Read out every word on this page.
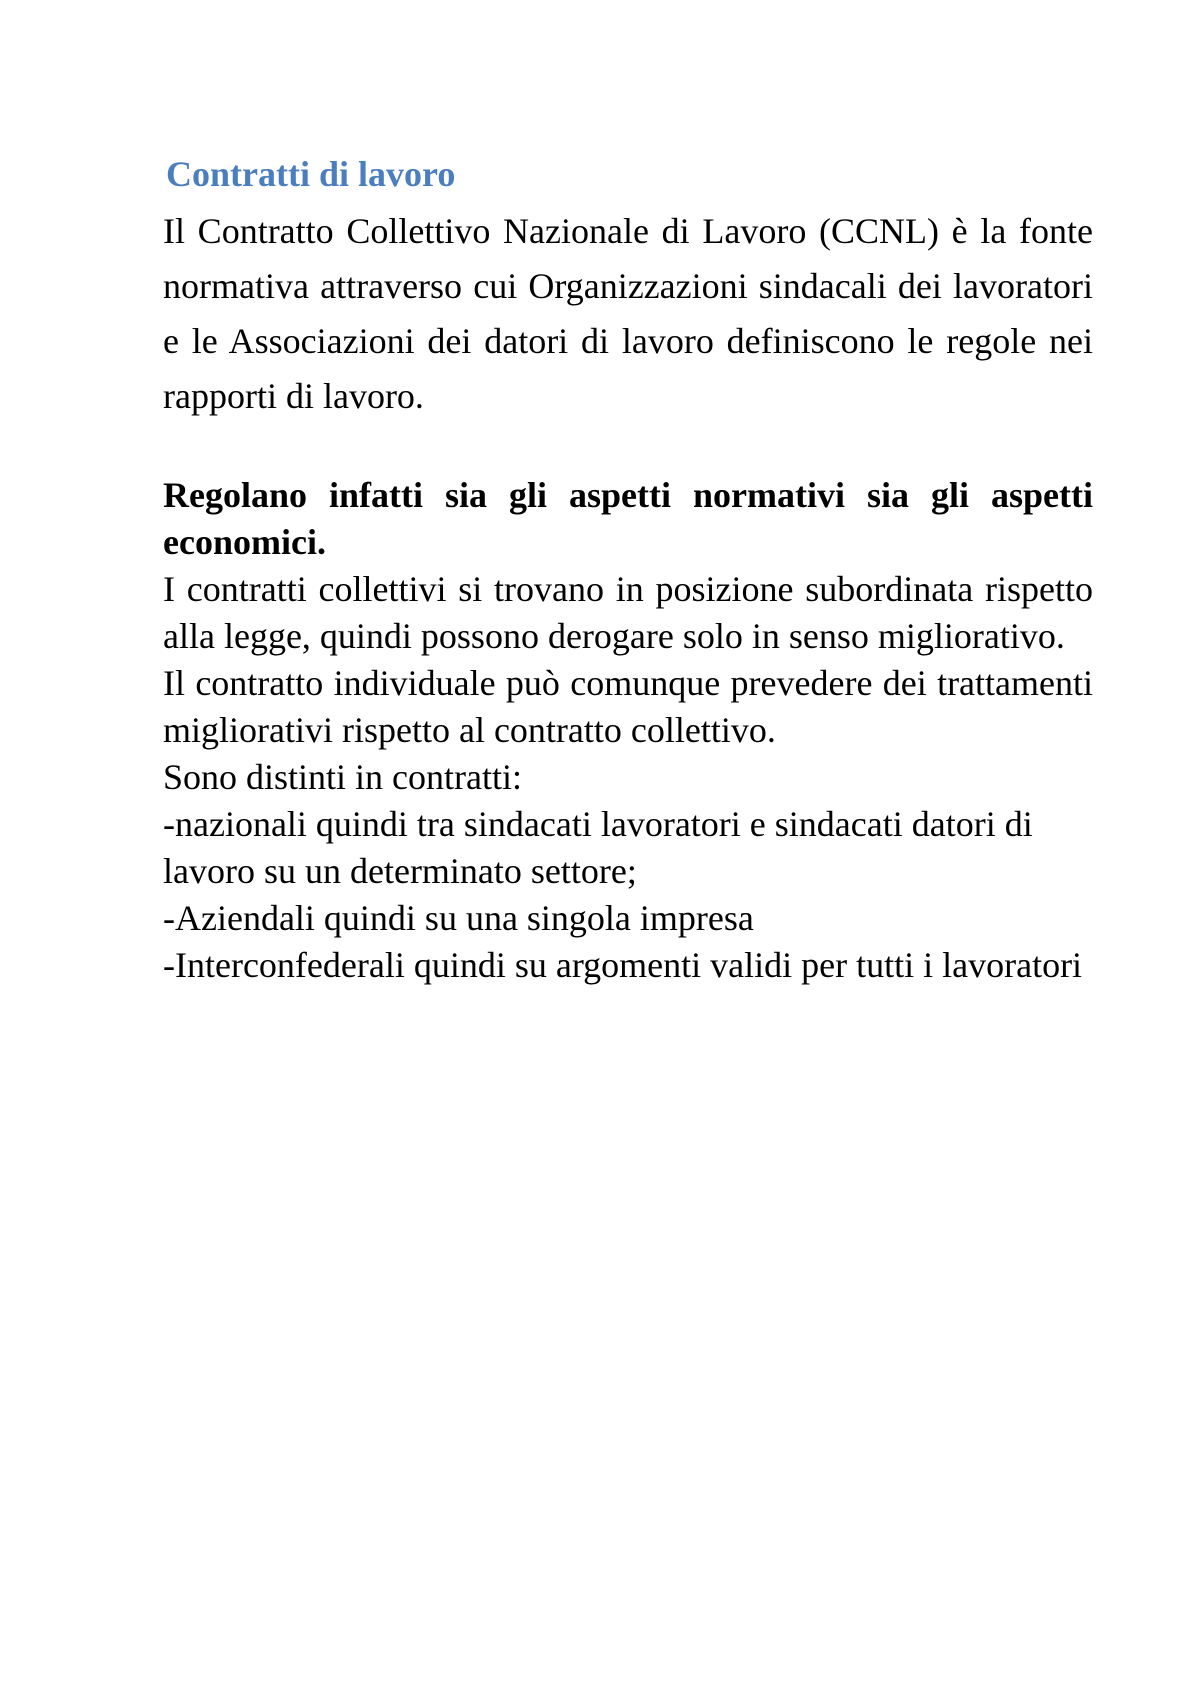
Contratti di lavoro

Il Contratto Collettivo Nazionale di Lavoro (CCNL) è la fonte normativa attraverso cui Organizzazioni sindacali dei lavoratori e le Associazioni dei datori di lavoro definiscono le regole nei rapporti di lavoro.

Regolano infatti sia gli aspetti normativi sia gli aspetti economici.

I contratti collettivi si trovano in posizione subordinata rispetto alla legge, quindi possono derogare solo in senso migliorativo.

Il contratto individuale può comunque prevedere dei trattamenti migliorativi rispetto al contratto collettivo.

Sono distinti in contratti:

-nazionali quindi tra sindacati lavoratori e sindacati datori di lavoro su un determinato settore;

-Aziendali quindi su una singola impresa

-Interconfederali quindi su argomenti validi per tutti i lavoratori
